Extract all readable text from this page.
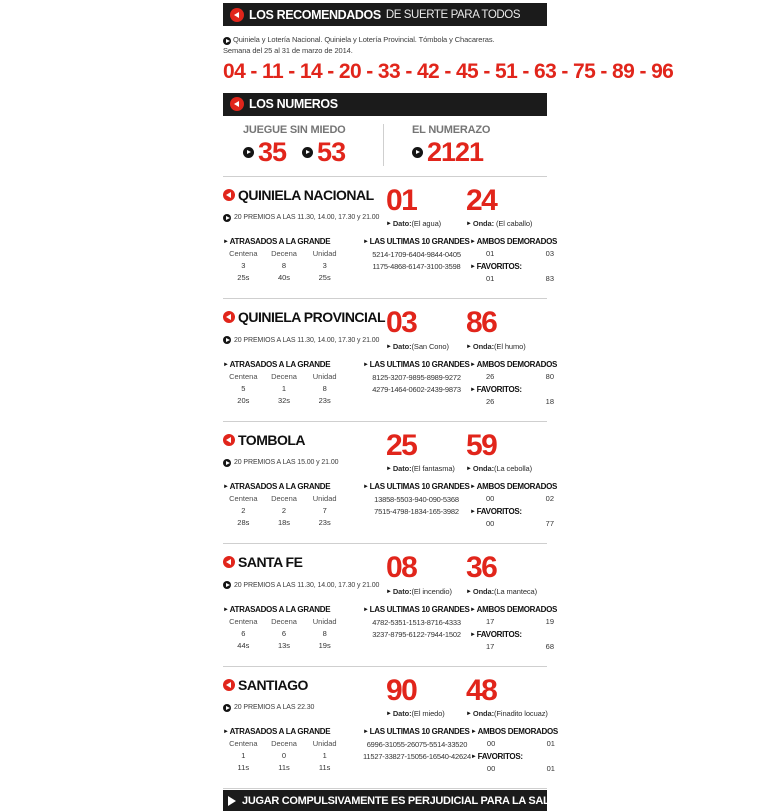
LOS RECOMENDADOS DE SUERTE PARA TODOS
Quiniela y Lotería Nacional. Quiniela y Lotería Provincial. Tómbola y Chacareras.
Semana del 25 al 31 de marzo de 2014.
04 - 11 - 14 - 20 - 33 - 42 - 45 - 51 - 63 - 75 - 89 - 96
LOS NUMEROS
JUEGUE SIN MIEDO
35 53
EL NUMERAZO
2121
QUINIELA NACIONAL
20 PREMIOS A LAS 11.30, 14.00, 17.30 y 21.00
01
►Dato:(El agua)
24
►Onda: (El caballo)
►ATRASADOS A LA GRANDE
Centena	Decena	Unidad
3	8	3
25s	40s	25s
►LAS ULTIMAS 10 GRANDES
5214-1709-6404-9844-0405
1175-4868-6147-3100-3598
►AMBOS DEMORADOS
01	03
►FAVORITOS:
01	83
QUINIELA PROVINCIAL
20 PREMIOS A LAS 11.30, 14.00, 17.30 y 21.00
03
►Dato:(San Cono)
86
►Onda:(El humo)
►ATRASADOS A LA GRANDE
Centena	Decena	Unidad
5	1	8
20s	32s	23s
►LAS ULTIMAS 10 GRANDES
8125-3207-9895-8989-9272
4279-1464-0602-2439-9873
►AMBOS DEMORADOS
26	80
►FAVORITOS:
26	18
TOMBOLA
20 PREMIOS A LAS 15.00 y 21.00
25
►Dato:(El fantasma)
59
►Onda:(La cebolla)
►ATRASADOS A LA GRANDE
Centena	Decena	Unidad
2	2	7
28s	18s	23s
►LAS ULTIMAS 10 GRANDES
13858-5503-940-090-5368
7515-4798-1834-165-3982
►AMBOS DEMORADOS
00	02
►FAVORITOS:
00	77
SANTA FE
20 PREMIOS A LAS 11.30, 14.00, 17.30 y 21.00
08
►Dato:(El incendio)
36
►Onda:(La manteca)
►ATRASADOS A LA GRANDE
Centena	Decena	Unidad
6	6	8
44s	13s	19s
►LAS ULTIMAS 10 GRANDES
4782-5351-1513-8716-4333
3237-8795-6122-7944-1502
►AMBOS DEMORADOS
17	19
►FAVORITOS:
17	68
SANTIAGO
20 PREMIOS A LAS 22.30
90
►Dato:(El miedo)
48
►Onda:(Finadito locuaz)
►ATRASADOS A LA GRANDE
Centena	Decena	Unidad
1	0	1
11s	11s	11s
►LAS ULTIMAS 10 GRANDES
6996-31055-26075-5514-33520
11527-33827-15056-16540-42624
►AMBOS DEMORADOS
00	01
►FAVORITOS:
00	01
JUGAR COMPULSIVAMENTE ES PERJUDICIAL PARA LA SALUD
